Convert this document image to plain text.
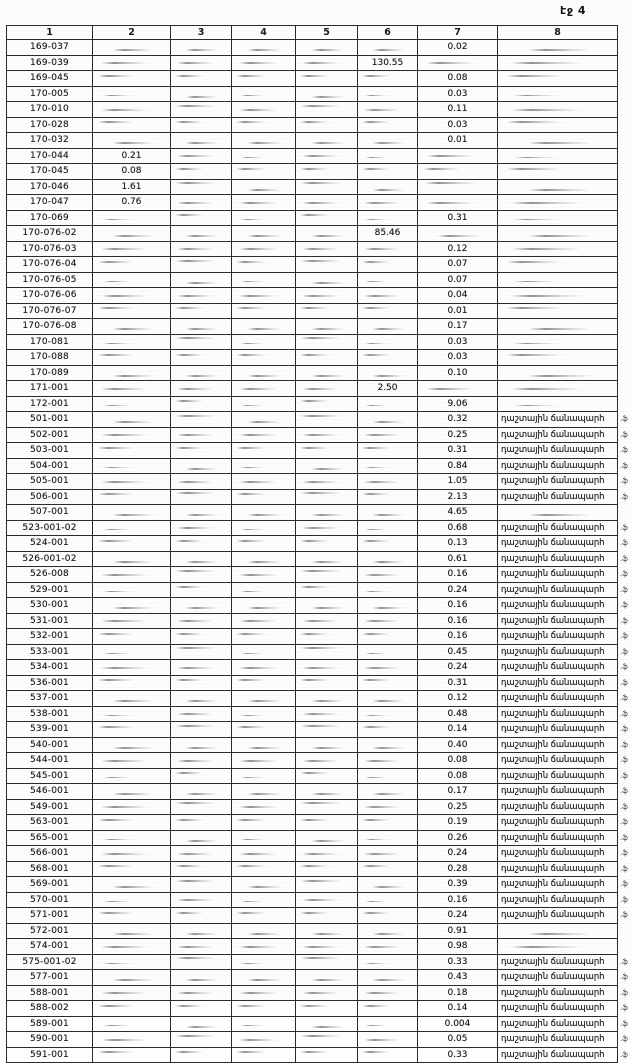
էջ 4
1	2	3	4	5	6	7	8	
169-037						0.02		
169-039					130.55			
169-045						0.08		
170-005						0.03		
170-010						0.11		
170-028						0.03		
170-032						0.01		
170-044	0.21							
170-045	0.08							
170-046	1.61							
170-047	0.76							
170-069						0.31		
170-076-02					85.46			
170-076-03						0.12		
170-076-04						0.07		
170-076-05						0.07		
170-076-06						0.04		
170-076-07						0.01		
170-076-08						0.17		
170-081						0.03		
170-088						0.03		
170-089						0.10		
171-001					2.50			
172-001						9.06		
501-001						0.32	դաշտային ճանապարհ	.ֆ
502-001						0.25	դաշտային ճանապարհ	.ֆ
503-001						0.31	դաշտային ճանապարհ	.ֆ
504-001						0.84	դաշտային ճանապարհ	.ֆ
505-001						1.05	դաշտային ճանապարհ	.ֆ
506-001						2.13	դաշտային ճանապարհ	.ֆ
507-001						4.65		
523-001-02						0.68	դաշտային ճանապարհ	.ֆ
524-001						0.13	դաշտային ճանապարհ	.ֆ
526-001-02						0.61	դաշտային ճանապարհ	.ֆ
526-008						0.16	դաշտային ճանապարհ	.ֆ
529-001						0.24	դաշտային ճանապարհ	.ֆ
530-001						0.16	դաշտային ճանապարհ	.ֆ
531-001						0.16	դաշտային ճանապարհ	.ֆ
532-001						0.16	դաշտային ճանապարհ	.ֆ
533-001						0.45	դաշտային ճանապարհ	.ֆ
534-001						0.24	դաշտային ճանապարհ	.ֆ
536-001						0.31	դաշտային ճանապարհ	.ֆ
537-001						0.12	դաշտային ճանապարհ	.ֆ
538-001						0.48	դաշտային ճանապարհ	.ֆ
539-001						0.14	դաշտային ճանապարհ	.ֆ
540-001						0.40	դաշտային ճանապարհ	.ֆ
544-001						0.08	դաշտային ճանապարհ	.ֆ
545-001						0.08	դաշտային ճանապարհ	.ֆ
546-001						0.17	դաշտային ճանապարհ	.ֆ
549-001						0.25	դաշտային ճանապարհ	.ֆ
563-001						0.19	դաշտային ճանապարհ	.ֆ
565-001						0.26	դաշտային ճանապարհ	.ֆ
566-001						0.24	դաշտային ճանապարհ	.ֆ
568-001						0.28	դաշտային ճանապարհ	.ֆ
569-001						0.39	դաշտային ճանապարհ	.ֆ
570-001						0.16	դաշտային ճանապարհ	.ֆ
571-001						0.24	դաշտային ճանապարհ	.ֆ
572-001						0.91		
574-001						0.98		
575-001-02						0.33	դաշտային ճանապարհ	.ֆ
577-001						0.43	դաշտային ճանապարհ	.ֆ
588-001						0.18	դաշտային ճանապարհ	.ֆ
588-002						0.14	դաշտային ճանապարհ	.ֆ
589-001						0.004	դաշտային ճանապարհ	.ֆ
590-001						0.05	դաշտային ճանապարհ	.ֆ
591-001						0.33	դաշտային ճանապարհ	.ֆ
